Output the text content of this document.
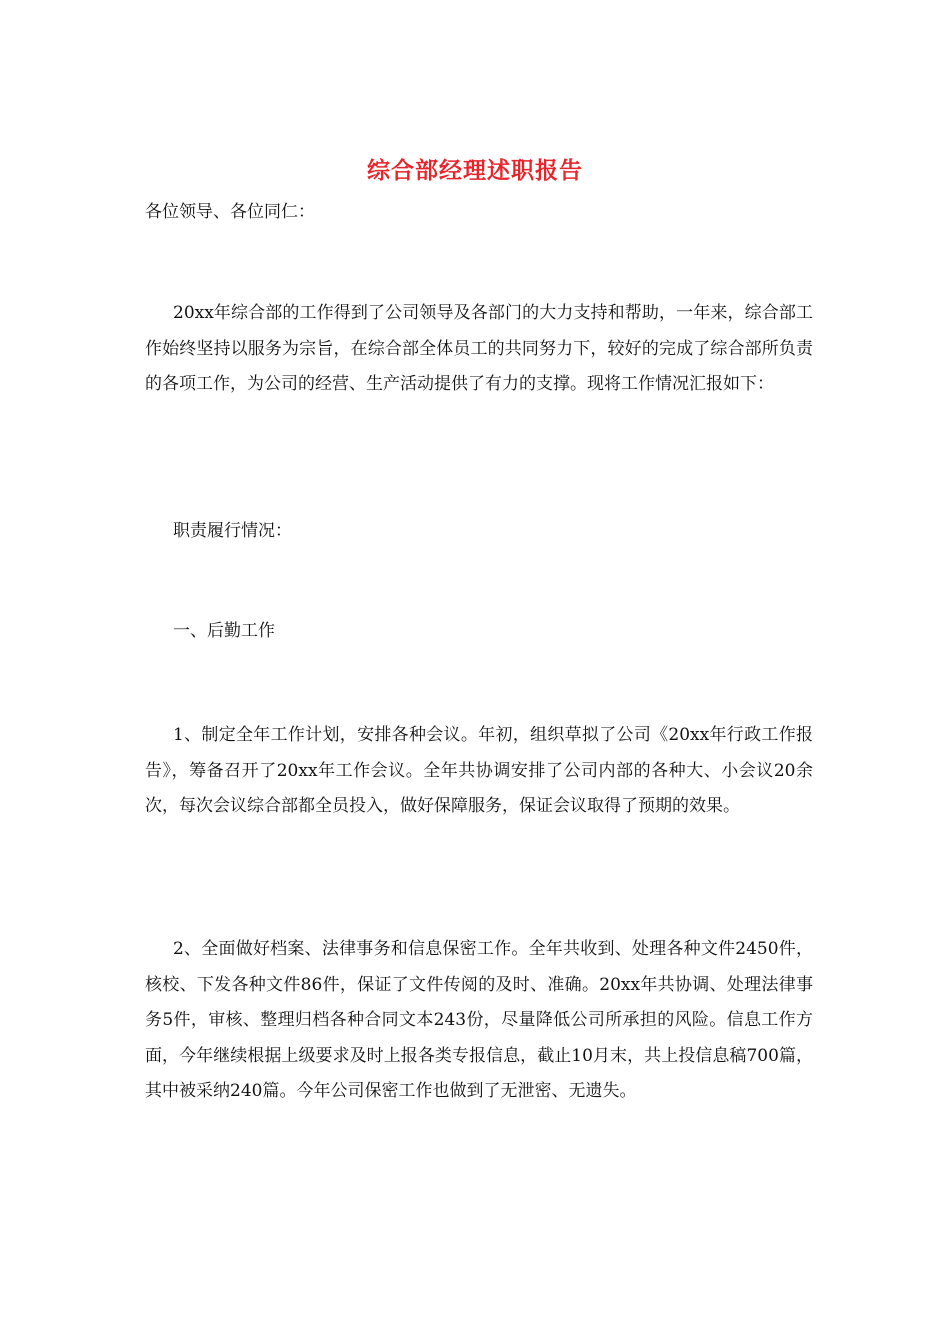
综合部经理述职报告

各位领导、各位同仁：

20xx年综合部的工作得到了公司领导及各部门的大力支持和帮助，一年来，综合部工作始终坚持以服务为宗旨，在综合部全体员工的共同努力下，较好的完成了综合部所负责的各项工作，为公司的经营、生产活动提供了有力的支撑。现将工作情况汇报如下：

职责履行情况：

一、后勤工作

1、制定全年工作计划，安排各种会议。年初，组织草拟了公司《20xx年行政工作报告》，筹备召开了20xx年工作会议。全年共协调安排了公司内部的各种大、小会议20余次，每次会议综合部都全员投入，做好保障服务，保证会议取得了预期的效果。

2、全面做好档案、法律事务和信息保密工作。全年共收到、处理各种文件2450件，核校、下发各种文件86件，保证了文件传阅的及时、准确。20xx年共协调、处理法律事务5件，审核、整理归档各种合同文本243份，尽量降低公司所承担的风险。信息工作方面，今年继续根据上级要求及时上报各类专报信息，截止10月末，共上投信息稿700篇，其中被采纳240篇。今年公司保密工作也做到了无泄密、无遗失。
